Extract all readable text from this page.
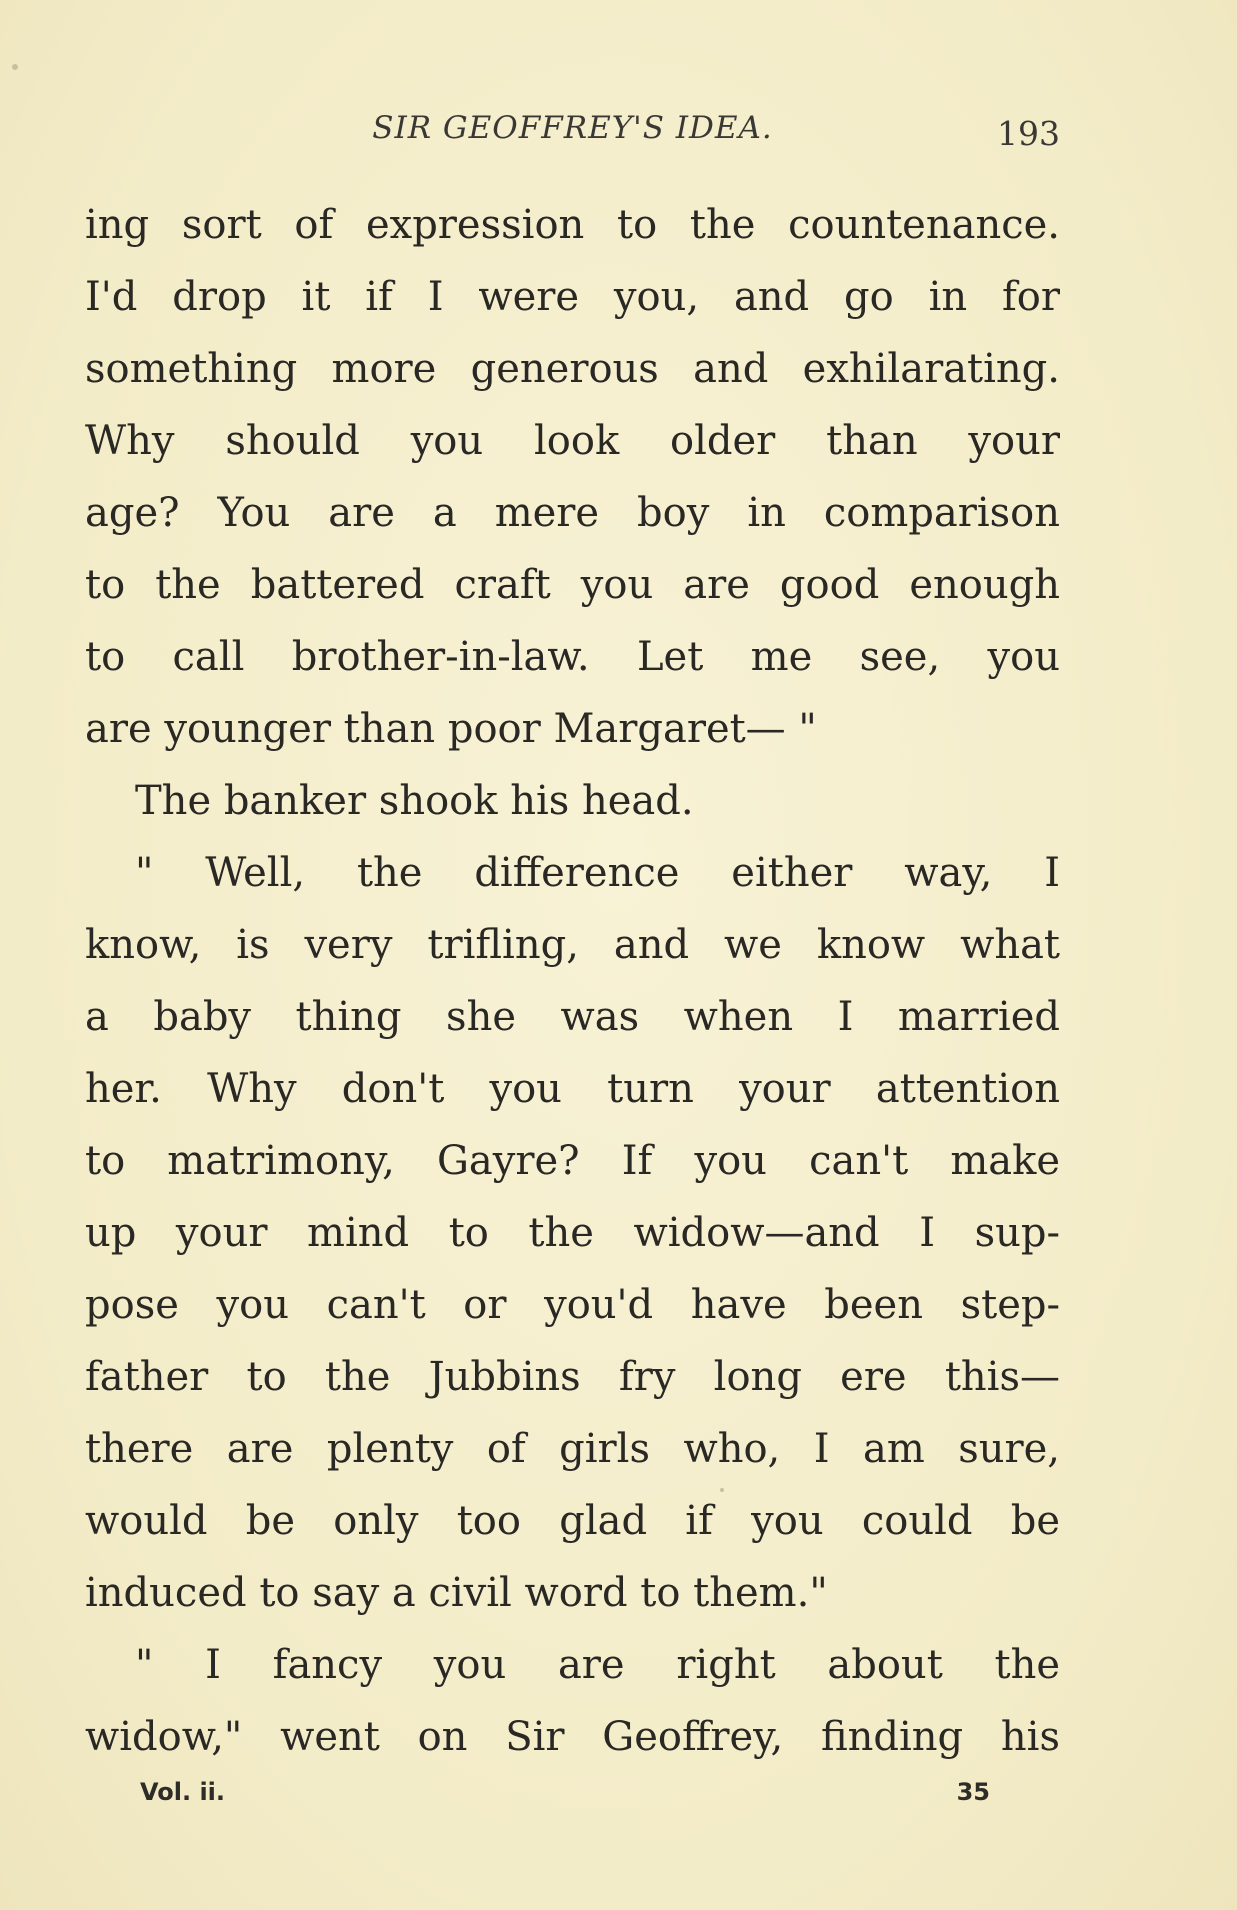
SIR GEOFFREY'S IDEA.	193
ing sort of expression to the countenance.
I'd drop it if I were you, and go in for
something more generous and exhilarating.
Why should you look older than your
age? You are a mere boy in comparison
to the battered craft you are good enough
to call brother-in-law. Let me see, you
are younger than poor Margaret— "
The banker shook his head.
" Well, the difference either way, I
know, is very trifling, and we know what
a baby thing she was when I married
her. Why don't you turn your attention
to matrimony, Gayre? If you can't make
up your mind to the widow—and I sup-
pose you can't or you'd have been step-
father to the Jubbins fry long ere this—
there are plenty of girls who, I am sure,
would be only too glad if you could be
induced to say a civil word to them."
" I fancy you are right about the
widow," went on Sir Geoffrey, finding his
Vol. ii.	35
